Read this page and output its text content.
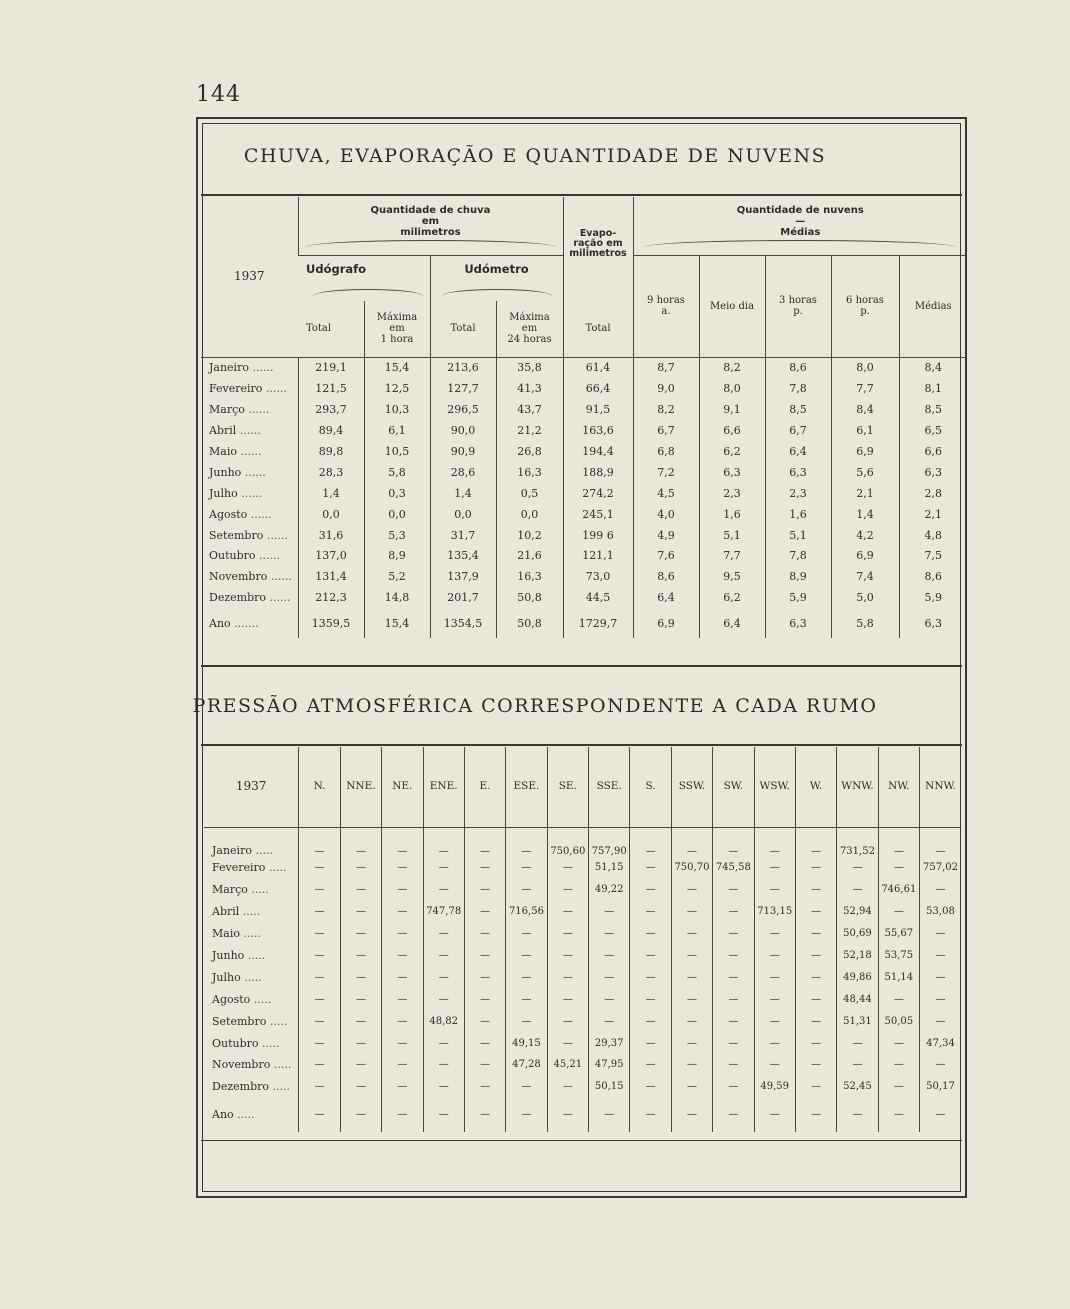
144
CHUVA, EVAPORAÇÃO E QUANTIDADE DE NUVENS
1937	Quantidade de chuva
em
milimetros				Evapo-
ração em
milimetros	Quantidade de nuvens
—
Médias				

	Udógrafo		Udómetro			9 horas
a.	Meio dia	3 horas
p.	6 horas
p.	Médias
	Total	Máxima
em
1 hora	Total	Máxima
em
24 horas	Total					
Janeiro ......	219,1	15,4	213,6	35,8	61,4	8,7	8,2	8,6	8,0	8,4
Fevereiro ......	121,5	12,5	127,7	41,3	66,4	9,0	8,0	7,8	7,7	8,1
Março ......	293,7	10,3	296,5	43,7	91,5	8,2	9,1	8,5	8,4	8,5
Abril ......	89,4	6,1	90,0	21,2	163,6	6,7	6,6	6,7	6,1	6,5
Maio ......	89,8	10,5	90,9	26,8	194,4	6,8	6,2	6,4	6,9	6,6
Junho ......	28,3	5,8	28,6	16,3	188,9	7,2	6,3	6,3	5,6	6,3
Julho ......	1,4	0,3	1,4	0,5	274,2	4,5	2,3	2,3	2,1	2,8
Agosto ......	0,0	0,0	0,0	0,0	245,1	4,0	1,6	1,6	1,4	2,1
Setembro ......	31,6	5,3	31,7	10,2	199 6	4,9	5,1	5,1	4,2	4,8
Outubro ......	137,0	8,9	135,4	21,6	121,1	7,6	7,7	7,8	6,9	7,5
Novembro ......	131,4	5,2	137,9	16,3	73,0	8,6	9,5	8,9	7,4	8,6
Dezembro ......	212,3	14,8	201,7	50,8	44,5	6,4	6,2	5,9	5,0	5,9
Ano .......	1359,5	15,4	1354,5	50,8	1729,7	6,9	6,4	6,3	5,8	6,3
PRESSÃO ATMOSFÉRICA CORRESPONDENTE A CADA RUMO
1937	N.	NNE.	NE.	ENE.	E.	ESE.	SE.	SSE.	S.	SSW.	SW.	WSW.	W.	WNW.	NW.	NNW.
Janeiro .....	—	—	—	—	—	—	750,60	757,90	—	—	—	—	—	731,52	—	—
Fevereiro .....	—	—	—	—	—	—	—	51,15	—	750,70	745,58	—	—	—	—	757,02
Março .....	—	—	—	—	—	—	—	49,22	—	—	—	—	—	—	746,61	—
Abril .....	—	—	—	747,78	—	716,56	—	—	—	—	—	713,15	—	52,94	—	53,08
Maio .....	—	—	—	—	—	—	—	—	—	—	—	—	—	50,69	55,67	—
Junho .....	—	—	—	—	—	—	—	—	—	—	—	—	—	52,18	53,75	—
Julho .....	—	—	—	—	—	—	—	—	—	—	—	—	—	49,86	51,14	—
Agosto .....	—	—	—	—	—	—	—	—	—	—	—	—	—	48,44	—	—
Setembro .....	—	—	—	48,82	—	—	—	—	—	—	—	—	—	51,31	50,05	—
Outubro .....	—	—	—	—	—	49,15	—	29,37	—	—	—	—	—	—	—	47,34
Novembro .....	—	—	—	—	—	47,28	45,21	47,95	—	—	—	—	—	—	—	—
Dezembro .....	—	—	—	—	—	—	—	50,15	—	—	—	49,59	—	52,45	—	50,17
Ano .....	—	—	—	—	—	—	—	—	—	—	—	—	—	—	—	—
